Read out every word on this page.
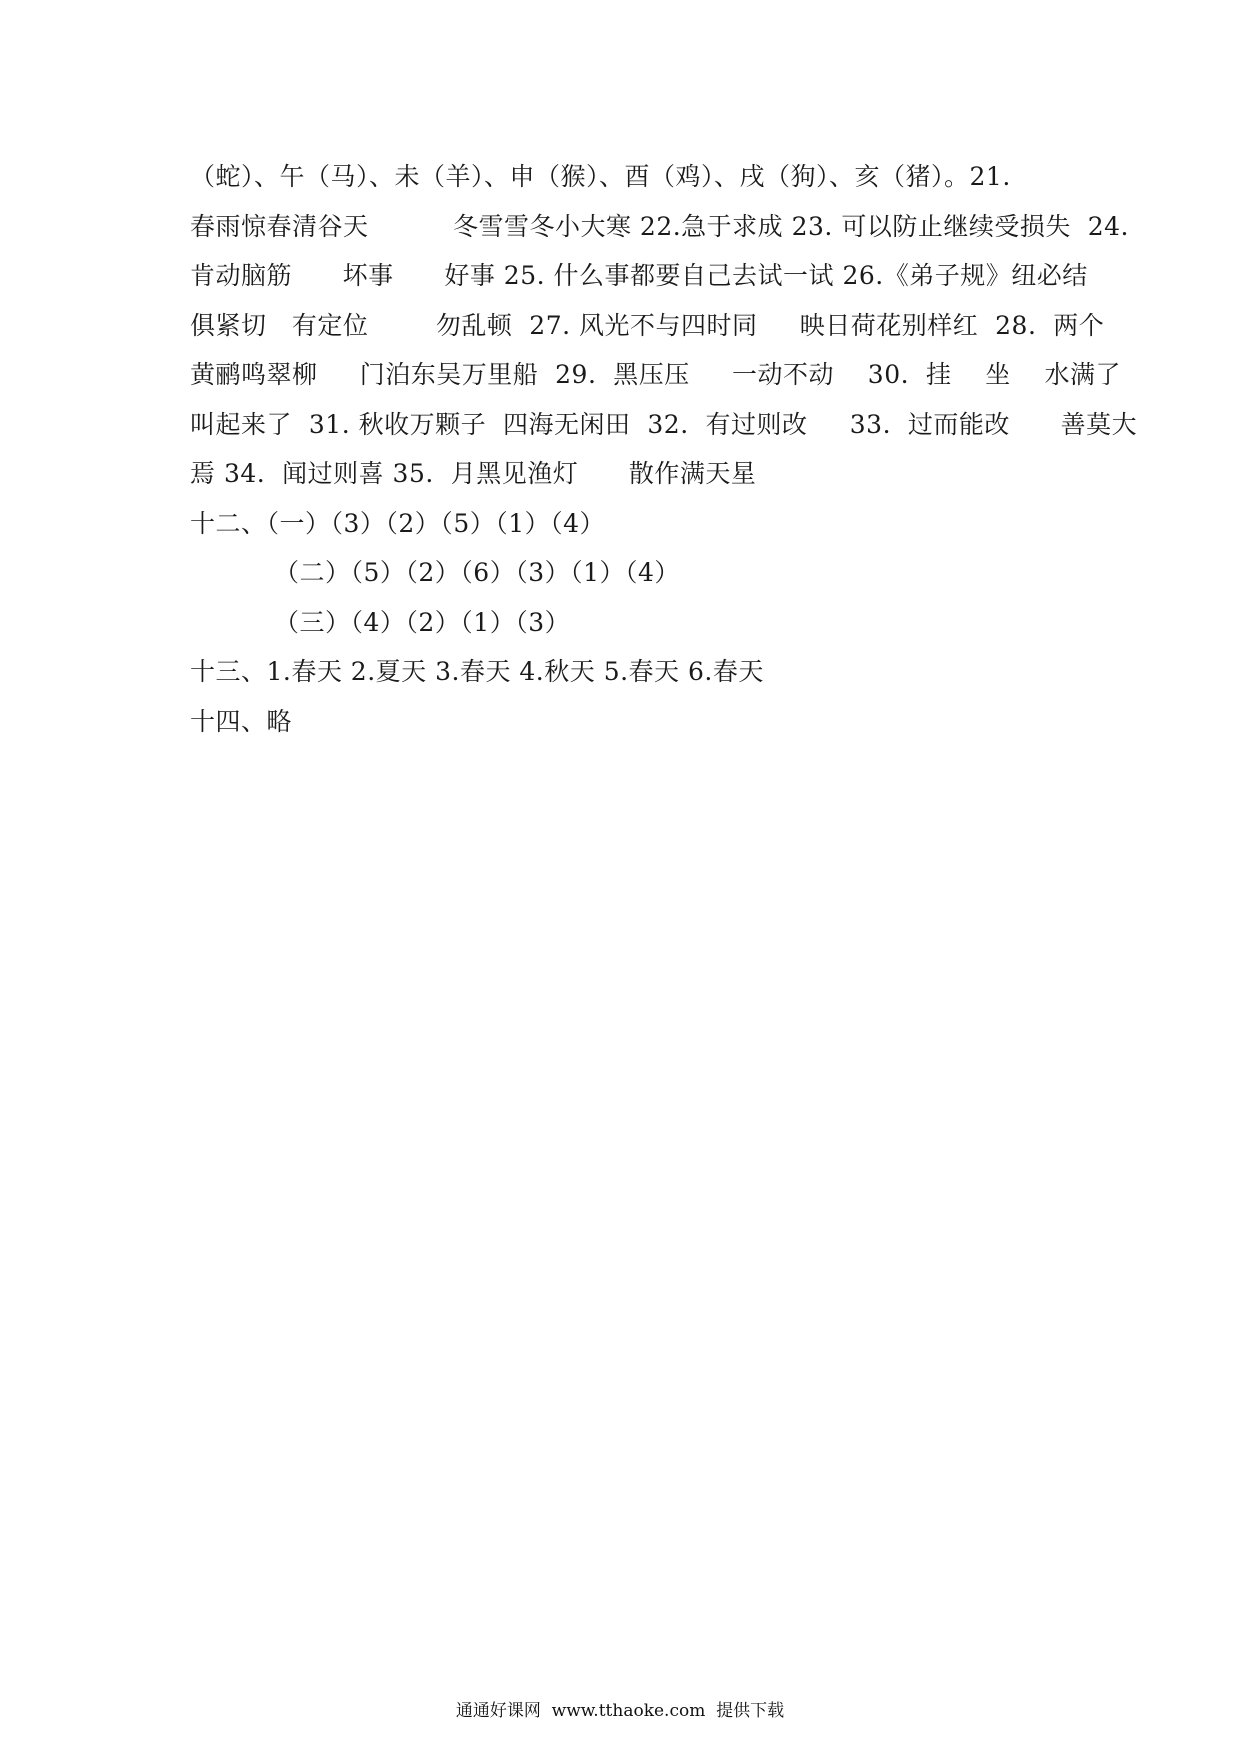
（蛇）、午（马）、未（羊）、申（猴）、酉（鸡）、戌（狗）、亥（猪）。21.
春雨惊春清谷天          冬雪雪冬小大寒 22.急于求成 23. 可以防止继续受损失  24.
肯动脑筋      坏事      好事 25. 什么事都要自己去试一试 26.《弟子规》纽必结
俱紧切   有定位        勿乱顿  27. 风光不与四时同     映日荷花别样红  28.  两个
黄鹂鸣翠柳     门泊东吴万里船  29.  黑压压     一动不动    30.  挂    坐    水满了
叫起来了  31. 秋收万颗子  四海无闲田  32.  有过则改     33.  过而能改      善莫大
焉 34.  闻过则喜 35.  月黑见渔灯      散作满天星
十二、（一）（3）（2）（5）（1）（4）
（二）（5）（2）（6）（3）（1）（4）
（三）（4）（2）（1）（3）
十三、1.春天 2.夏天 3.春天 4.秋天 5.春天 6.春天
十四、略
通通好课网  www.tthaoke.com  提供下载
